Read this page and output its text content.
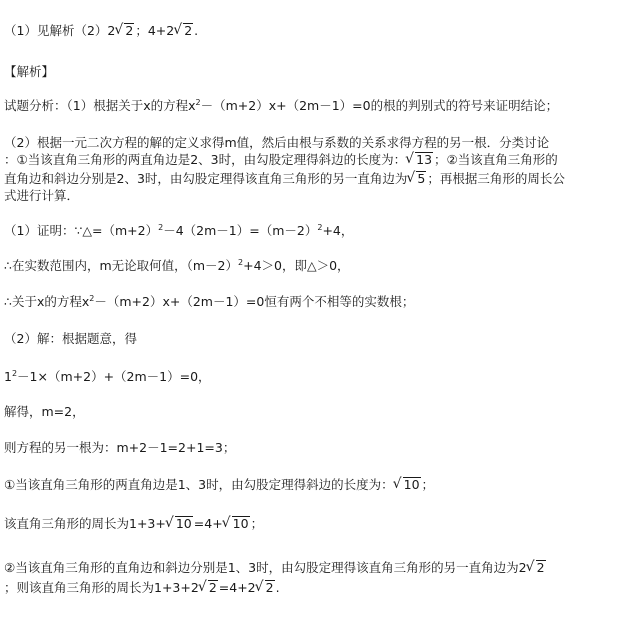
（1）见解析（2）2 √ 2 ；4+2 √ 2 .
【解析】
试题分析：（1）根据关于x的方程$x^2-(m+2)x+(2m-1)=0$的根的判别式的符号来证明结论；
（2）根据一元二次方程的解的定义求得m值，然后由根与系数的关系求得方程的另一根．分类讨论
：①当该直角三角形的两直角边是2、3时，由勾股定理得斜边的长度为： √ 13 ；②当该直角三角形的
直角边和斜边分别是2、3时，由勾股定理得该直角三角形的另一直角边为 √ 5 ；再根据三角形的周长公
式进行计算．
（1）证明：$\because\triangle=(m+2)^2-4(2m-1)=(m-2)^2+4$，
∴在实数范围内，m无论取何值，$(m-2)^2+4>0$，即△＞0，
∴关于x的方程$x^2-(m+2)x+(2m-1)=0$恒有两个不相等的实数根；
（2）解：根据题意，得
$1^2-1\times(m+2)+(2m-1)=0$，
解得，m=2，
则方程的另一根为：m+2－1=2+1=3；
①当该直角三角形的两直角边是1、3时，由勾股定理得斜边的长度为： √ 10 ；
该直角三角形的周长为1+3+ √ 10 =4+ √ 10 ；
②当该直角三角形的直角边和斜边分别是1、3时，由勾股定理得该直角三角形的另一直角边为2 √ 2
；则该直角三角形的周长为1+3+2 √ 2 =4+2 √ 2 .
